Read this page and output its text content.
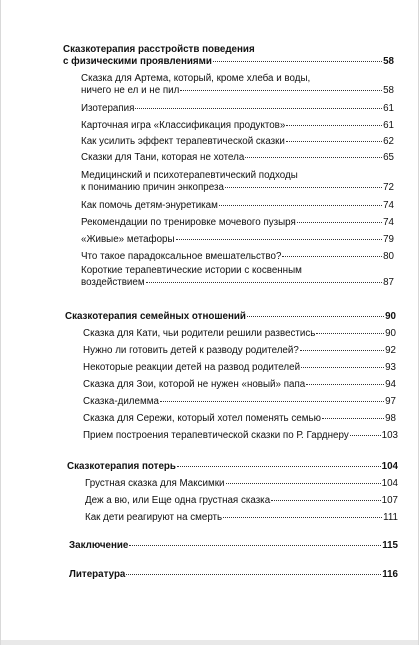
Сказкотерапия расстройств поведения
с физическими проявлениями	58
Сказка для Артема, который, кроме хлеба и воды,
ничего не ел и не пил	58
Изотерапия	61
Карточная игра «Классификация продуктов»	61
Как усилить эффект терапевтической сказки	62
Сказки для Тани, которая не хотела	65
Медицинский и психотерапевтический подходы
к пониманию причин энкопреза	72
Как помочь детям-энуретикам	74
Рекомендации по тренировке мочевого пузыря	74
«Живые» метафоры	79
Что такое парадоксальное вмешательство?	80
Короткие терапевтические истории с косвенным
воздействием	87
Сказкотерапия семейных отношений	90
Сказка для Кати, чьи родители решили развестись	90
Нужно ли готовить детей к разводу родителей?	92
Некоторые реакции детей на развод родителей	93
Сказка для Зои, которой не нужен «новый» папа	94
Сказка-дилемма	97
Сказка для Сережи, который хотел поменять семью	98
Прием построения терапевтической сказки по Р. Гарднеру	103
Сказкотерапия потерь	104
Грустная сказка для Максимки	104
Деж а вю, или Еще одна грустная сказка	107
Как дети реагируют на смерть	111
Заключение	115
Литература	116
